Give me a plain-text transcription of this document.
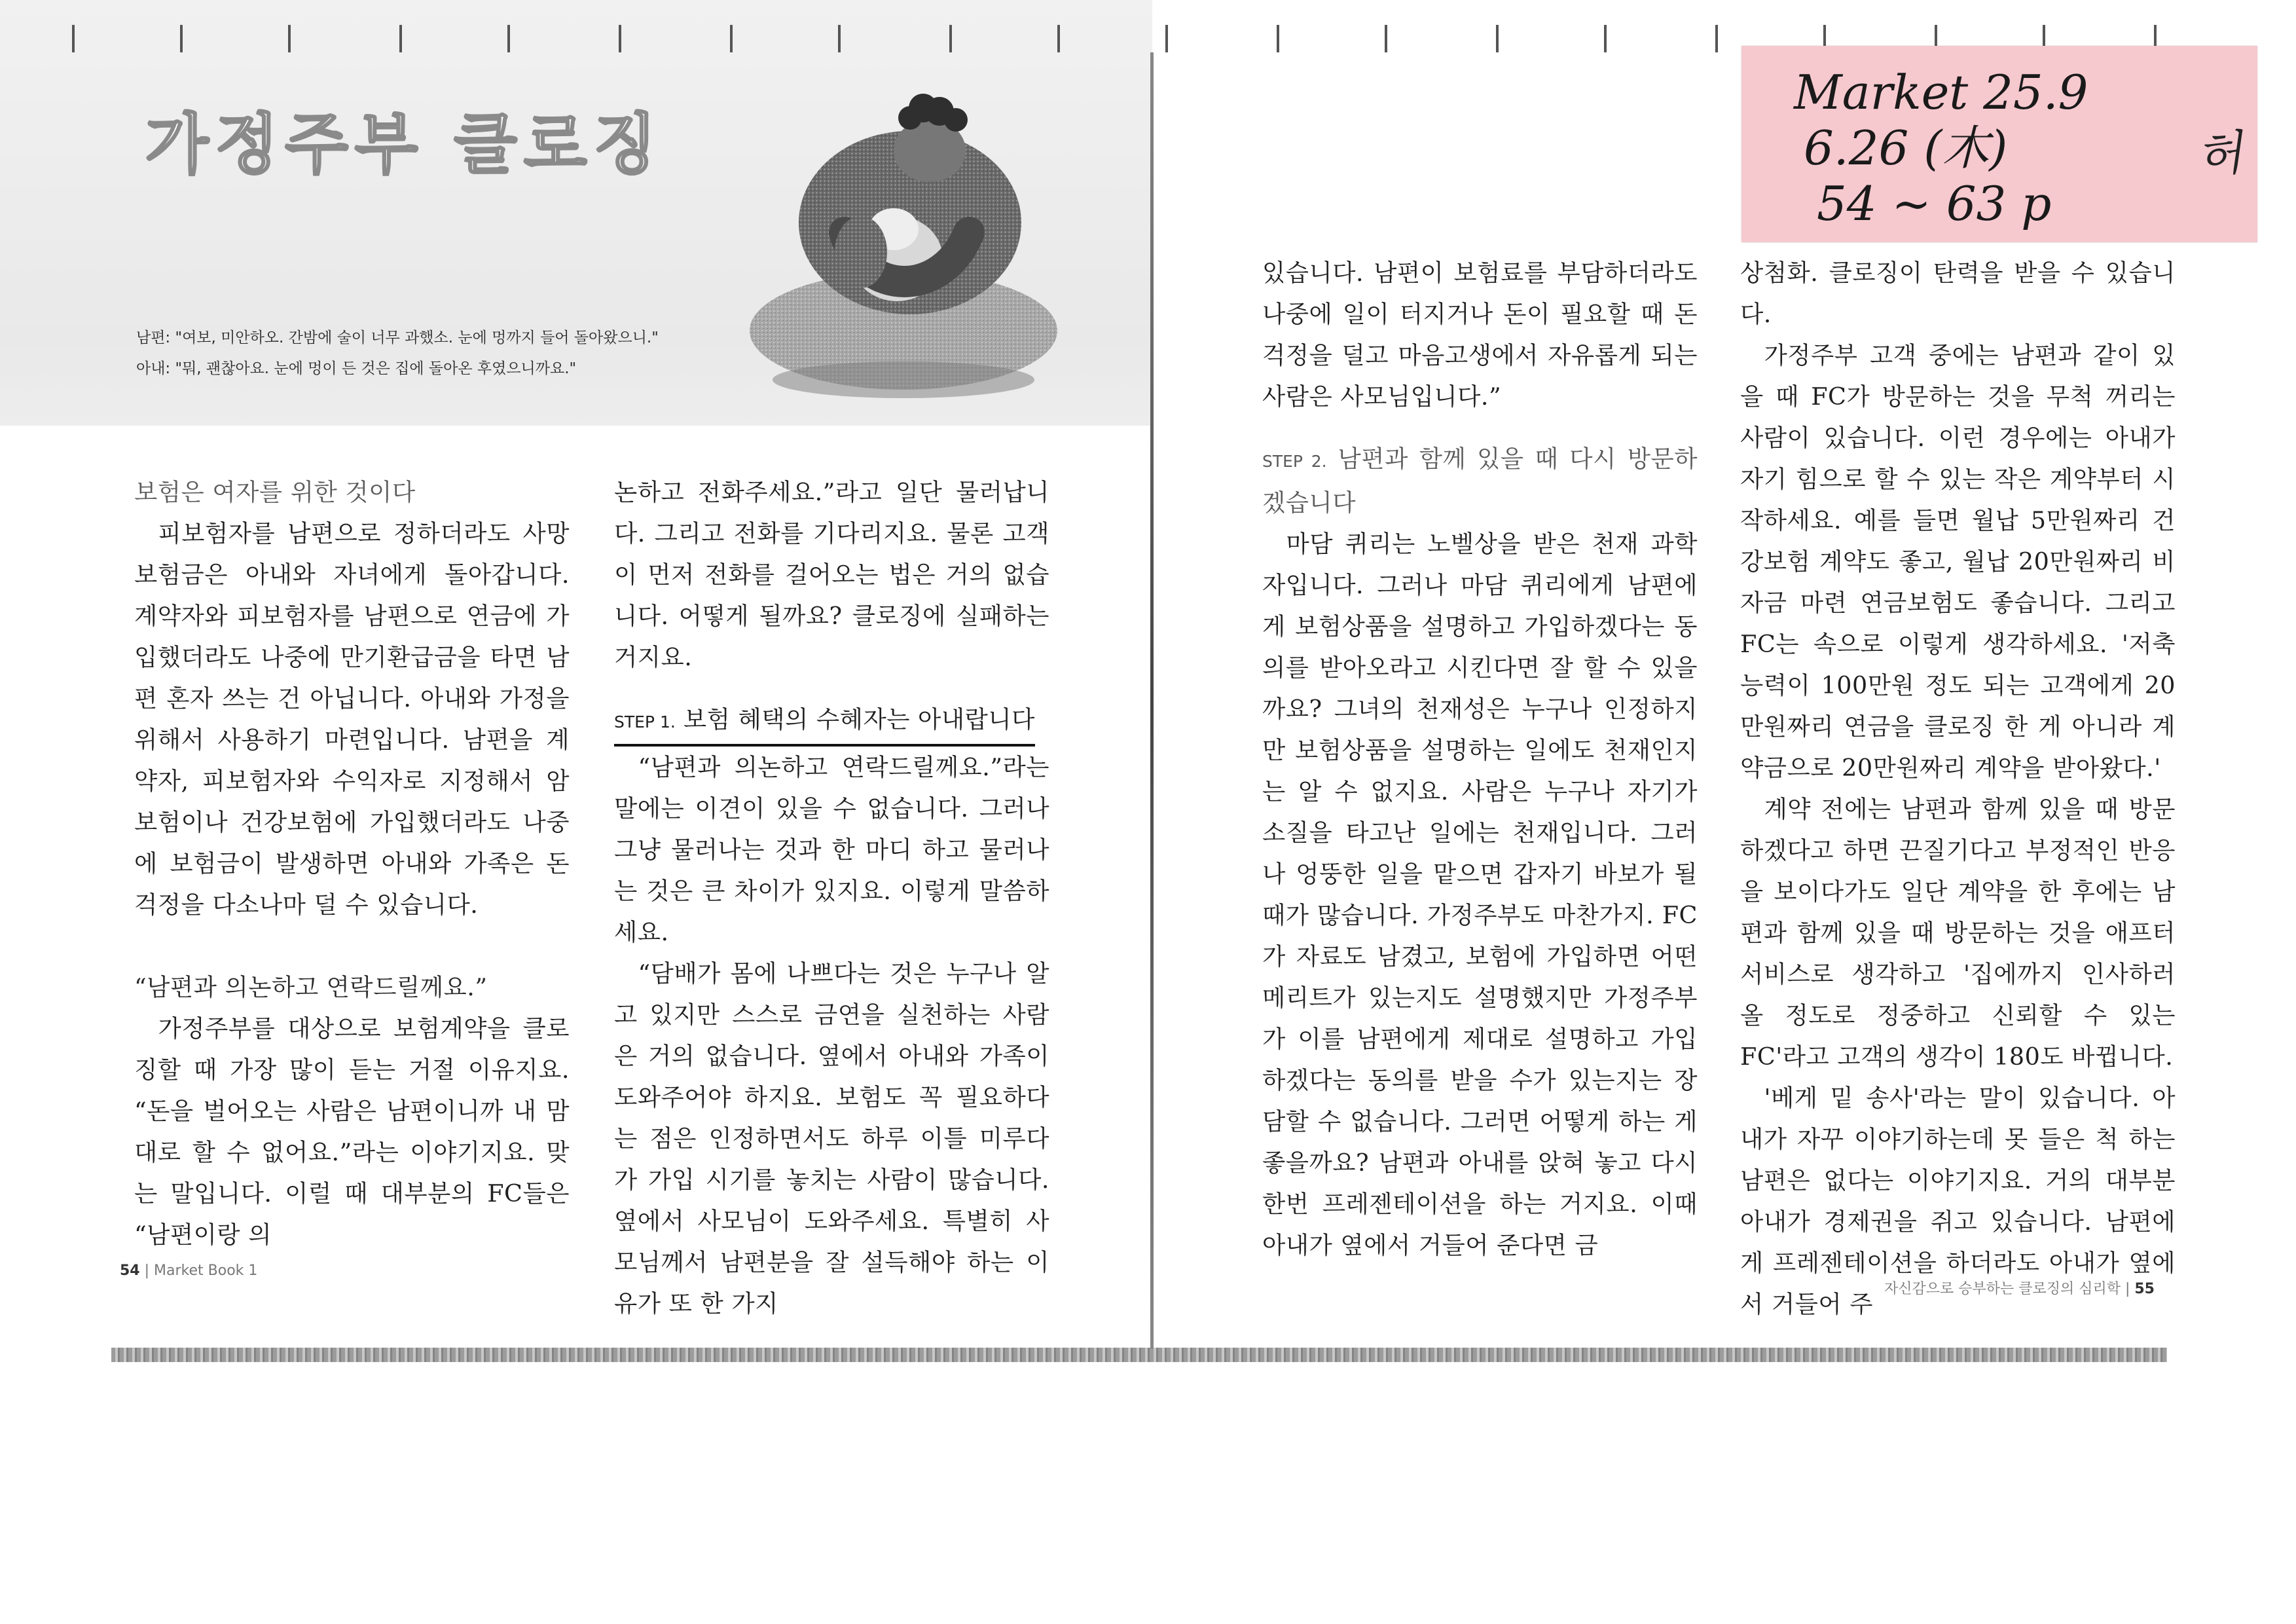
가정주부 클로징

남편: "여보, 미안하오. 간밤에 술이 너무 과했소. 눈에 멍까지 들어 돌아왔으니."

아내: "뭐, 괜찮아요. 눈에 멍이 든 것은 집에 돌아온 후였으니까요."

보험은 여자를 위한 것이다

피보험자를 남편으로 정하더라도 사망보험금은 아내와 자녀에게 돌아갑니다. 계약자와 피보험자를 남편으로 연금에 가입했더라도 나중에 만기환급금을 타면 남편 혼자 쓰는 건 아닙니다. 아내와 가정을 위해서 사용하기 마련입니다. 남편을 계약자, 피보험자와 수익자로 지정해서 암보험이나 건강보험에 가입했더라도 나중에 보험금이 발생하면 아내와 가족은 돈 걱정을 다소나마 덜 수 있습니다.

“남편과 의논하고 연락드릴께요.”

가정주부를 대상으로 보험계약을 클로징할 때 가장 많이 듣는 거절 이유지요. “돈을 벌어오는 사람은 남편이니까 내 맘대로 할 수 없어요.”라는 이야기지요. 맞는 말입니다. 이럴 때 대부분의 FC들은 “남편이랑 의

논하고 전화주세요.”라고 일단 물러납니다. 그리고 전화를 기다리지요. 물론 고객이 먼저 전화를 걸어오는 법은 거의 없습니다. 어떻게 될까요? 클로징에 실패하는 거지요.

STEP 1. 보험 혜택의 수혜자는 아내랍니다

“남편과 의논하고 연락드릴께요.”라는 말에는 이견이 있을 수 없습니다. 그러나 그냥 물러나는 것과 한 마디 하고 물러나는 것은 큰 차이가 있지요. 이렇게 말씀하세요.

“담배가 몸에 나쁘다는 것은 누구나 알고 있지만 스스로 금연을 실천하는 사람은 거의 없습니다. 옆에서 아내와 가족이 도와주어야 하지요. 보험도 꼭 필요하다는 점은 인정하면서도 하루 이틀 미루다가 가입 시기를 놓치는 사람이 많습니다. 옆에서 사모님이 도와주세요. 특별히 사모님께서 남편분을 잘 설득해야 하는 이유가 또 한 가지

54 | Market Book 1

있습니다. 남편이 보험료를 부담하더라도 나중에 일이 터지거나 돈이 필요할 때 돈 걱정을 덜고 마음고생에서 자유롭게 되는 사람은 사모님입니다.”

STEP 2. 남편과 함께 있을 때 다시 방문하겠습니다

마담 퀴리는 노벨상을 받은 천재 과학자입니다. 그러나 마담 퀴리에게 남편에게 보험상품을 설명하고 가입하겠다는 동의를 받아오라고 시킨다면 잘 할 수 있을까요? 그녀의 천재성은 누구나 인정하지만 보험상품을 설명하는 일에도 천재인지는 알 수 없지요. 사람은 누구나 자기가 소질을 타고난 일에는 천재입니다. 그러나 엉뚱한 일을 맡으면 갑자기 바보가 될 때가 많습니다. 가정주부도 마찬가지. FC가 자료도 남겼고, 보험에 가입하면 어떤 메리트가 있는지도 설명했지만 가정주부가 이를 남편에게 제대로 설명하고 가입하겠다는 동의를 받을 수가 있는지는 장담할 수 없습니다. 그러면 어떻게 하는 게 좋을까요? 남편과 아내를 앉혀 놓고 다시 한번 프레젠테이션을 하는 거지요. 이때 아내가 옆에서 거들어 준다면 금

상첨화. 클로징이 탄력을 받을 수 있습니다.

가정주부 고객 중에는 남편과 같이 있을 때 FC가 방문하는 것을 무척 꺼리는 사람이 있습니다. 이런 경우에는 아내가 자기 힘으로 할 수 있는 작은 계약부터 시작하세요. 예를 들면 월납 5만원짜리 건강보험 계약도 좋고, 월납 20만원짜리 비자금 마련 연금보험도 좋습니다. 그리고 FC는 속으로 이렇게 생각하세요. '저축 능력이 100만원 정도 되는 고객에게 20만원짜리 연금을 클로징 한 게 아니라 계약금으로 20만원짜리 계약을 받아왔다.'

계약 전에는 남편과 함께 있을 때 방문하겠다고 하면 끈질기다고 부정적인 반응을 보이다가도 일단 계약을 한 후에는 남편과 함께 있을 때 방문하는 것을 애프터 서비스로 생각하고 '집에까지 인사하러 올 정도로 정중하고 신뢰할 수 있는 FC'라고 고객의 생각이 180도 바뀝니다.

'베게 밑 송사'라는 말이 있습니다. 아내가 자꾸 이야기하는데 못 들은 척 하는 남편은 없다는 이야기지요. 거의 대부분 아내가 경제권을 쥐고 있습니다. 남편에게 프레젠테이션을 하더라도 아내가 옆에서 거들어 주

자신감으로 승부하는 클로징의 심리학 | 55
Market 25.9
6.26 (木)
54 ~ 63 p
허
